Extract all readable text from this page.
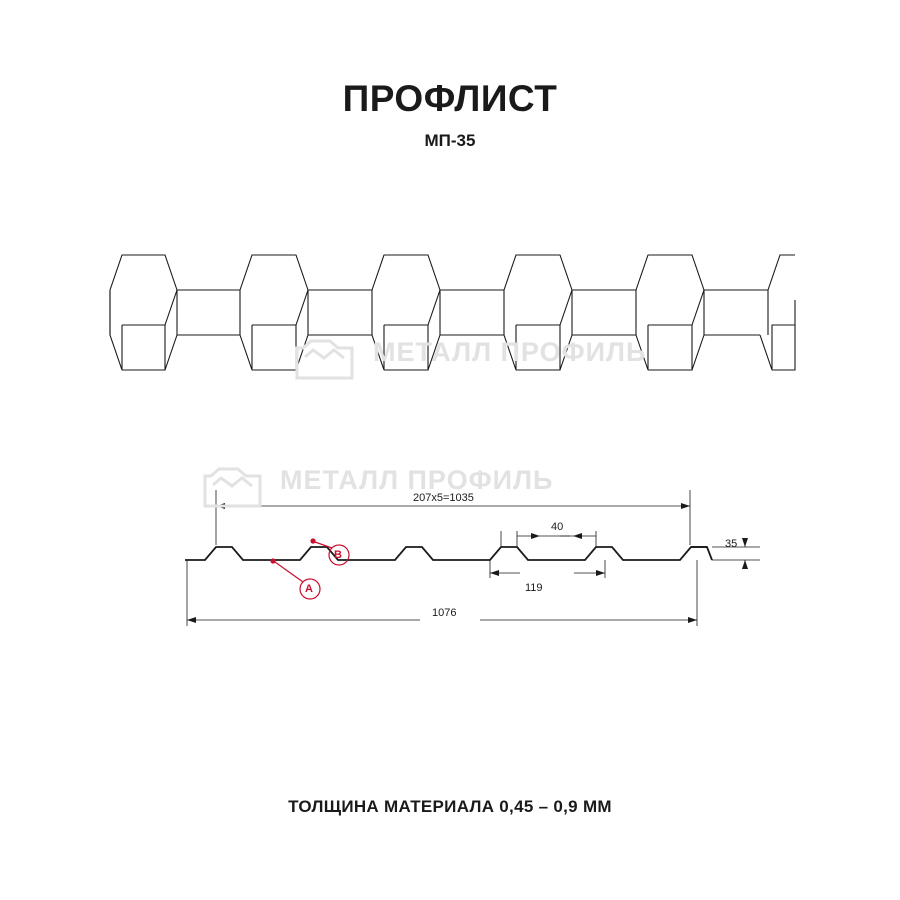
МЕТАЛЛ ПРОФИЛЬ
МЕТАЛЛ ПРОФИЛЬ
ПРОФЛИСТ
МП-35
207x5=1035
40
35
119
1076
A
B
ТОЛЩИНА МАТЕРИАЛА 0,45 – 0,9 ММ
